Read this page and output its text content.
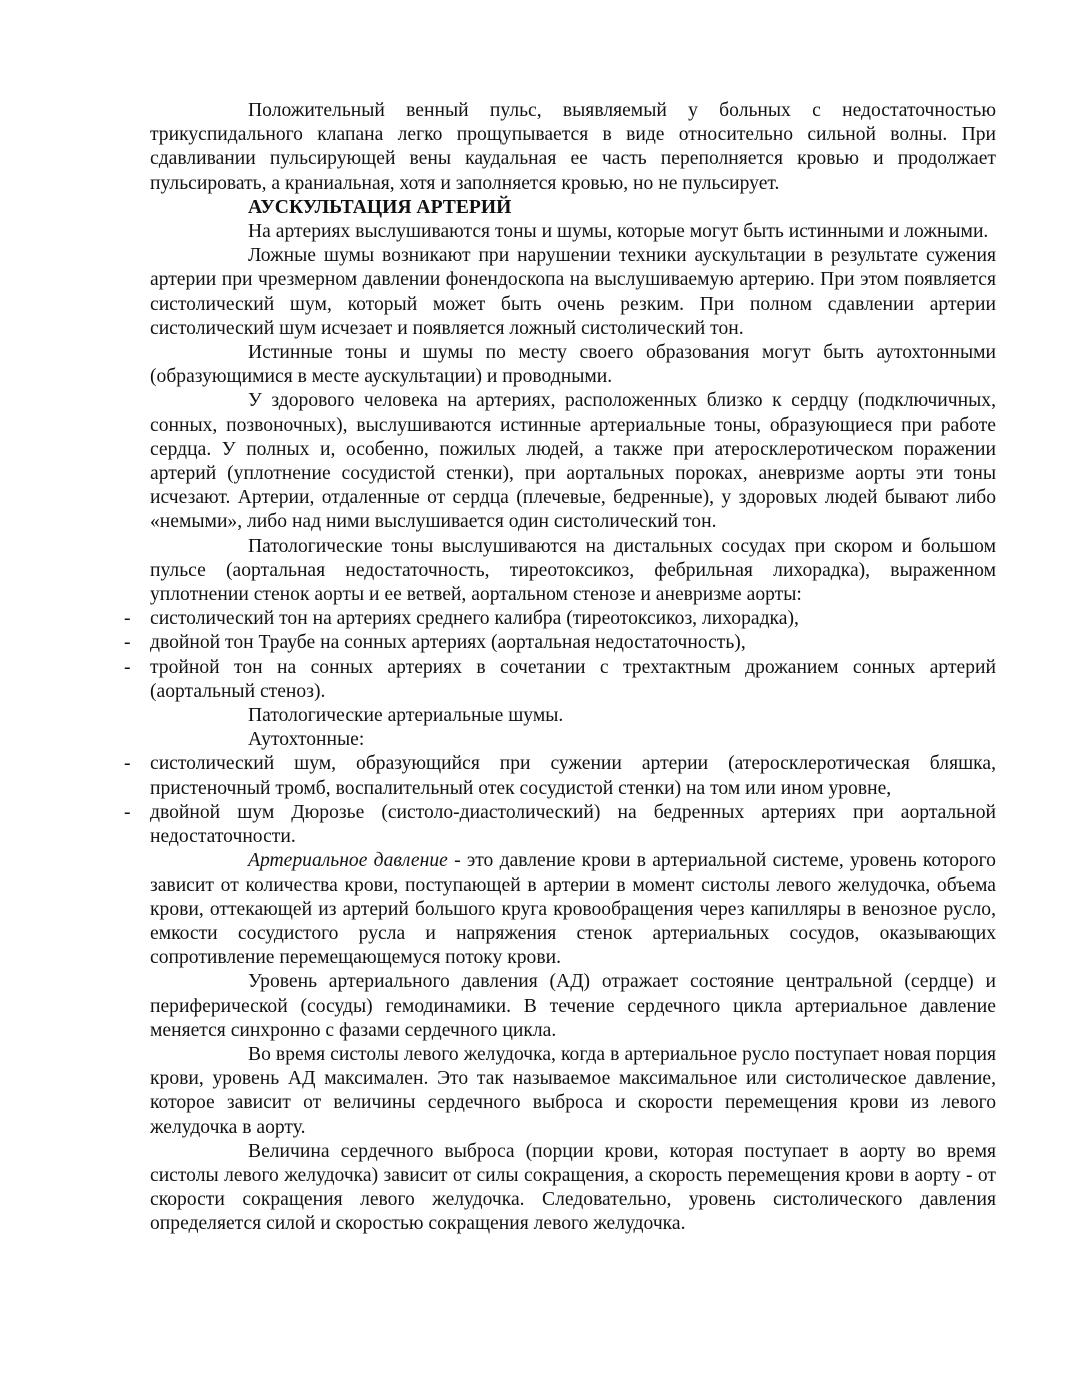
Положительный венный пульс, выявляемый у больных с недостаточностью трикуспидального клапана легко прощупывается в виде относительно сильной волны. При сдавливании пульсирующей вены каудальная ее часть переполняется кровью и продолжает пульсировать, а краниальная, хотя и заполняется кровью, но не пульсирует.

АУСКУЛЬТАЦИЯ АРТЕРИЙ

На артериях выслушиваются тоны и шумы, которые могут быть истинными и ложными.

Ложные шумы возникают при нарушении техники аускультации в результате сужения артерии при чрезмерном давлении фонендоскопа на выслушиваемую артерию. При этом появляется систолический шум, который может быть очень резким. При полном сдавлении артерии систолический шум исчезает и появляется ложный систолический тон.

Истинные тоны и шумы по месту своего образования могут быть аутохтонными (образующимися в месте аускультации) и проводными.

У здорового человека на артериях, расположенных близко к сердцу (подключичных, сонных, позвоночных), выслушиваются истинные артериальные тоны, образующиеся при работе сердца. У полных и, особенно, пожилых людей, а также при атеросклеротическом поражении артерий (уплотнение сосудистой стенки), при аортальных пороках, аневризме аорты эти тоны исчезают. Артерии, отдаленные от сердца (плечевые, бедренные), у здоровых людей бывают либо «немыми», либо над ними выслушивается один систолический тон.

Патологические тоны выслушиваются на дистальных сосудах при скором и большом пульсе (аортальная недостаточность, тиреотоксикоз, фебрильная лихорадка), выраженном уплотнении стенок аорты и ее ветвей, аортальном стенозе и аневризме аорты:

- систолический тон на артериях среднего калибра (тиреотоксикоз, лихорадка),
- двойной тон Траубе на сонных артериях (аортальная недостаточность),
- тройной тон на сонных артериях в сочетании с трехтактным дрожанием сонных артерий (аортальный стеноз).

Патологические артериальные шумы.

Аутохтонные:

- систолический шум, образующийся при сужении артерии (атеросклеротическая бляшка, пристеночный тромб, воспалительный отек сосудистой стенки) на том или ином уровне,
- двойной шум Дюрозье (систоло-диастолический) на бедренных артериях при аортальной недостаточности.

Артериальное давление - это давление крови в артериальной системе, уровень которого зависит от количества крови, поступающей в артерии в момент систолы левого желудочка, объема крови, оттекающей из артерий большого круга кровообращения через капилляры в венозное русло, емкости сосудистого русла и напряжения стенок артериальных сосудов, оказывающих сопротивление перемещающемуся потоку крови.

Уровень артериального давления (АД) отражает состояние центральной (сердце) и периферической (сосуды) гемодинамики. В течение сердечного цикла артериальное давление меняется синхронно с фазами сердечного цикла.

Во время систолы левого желудочка, когда в артериальное русло поступает новая порция крови, уровень АД максимален. Это так называемое максимальное или систолическое давление, которое зависит от величины сердечного выброса и скорости перемещения крови из левого желудочка в аорту.

Величина сердечного выброса (порции крови, которая поступает в аорту во время систолы левого желудочка) зависит от силы сокращения, а скорость перемещения крови в аорту - от скорости сокращения левого желудочка. Следовательно, уровень систолического давления определяется силой и скоростью сокращения левого желудочка.
